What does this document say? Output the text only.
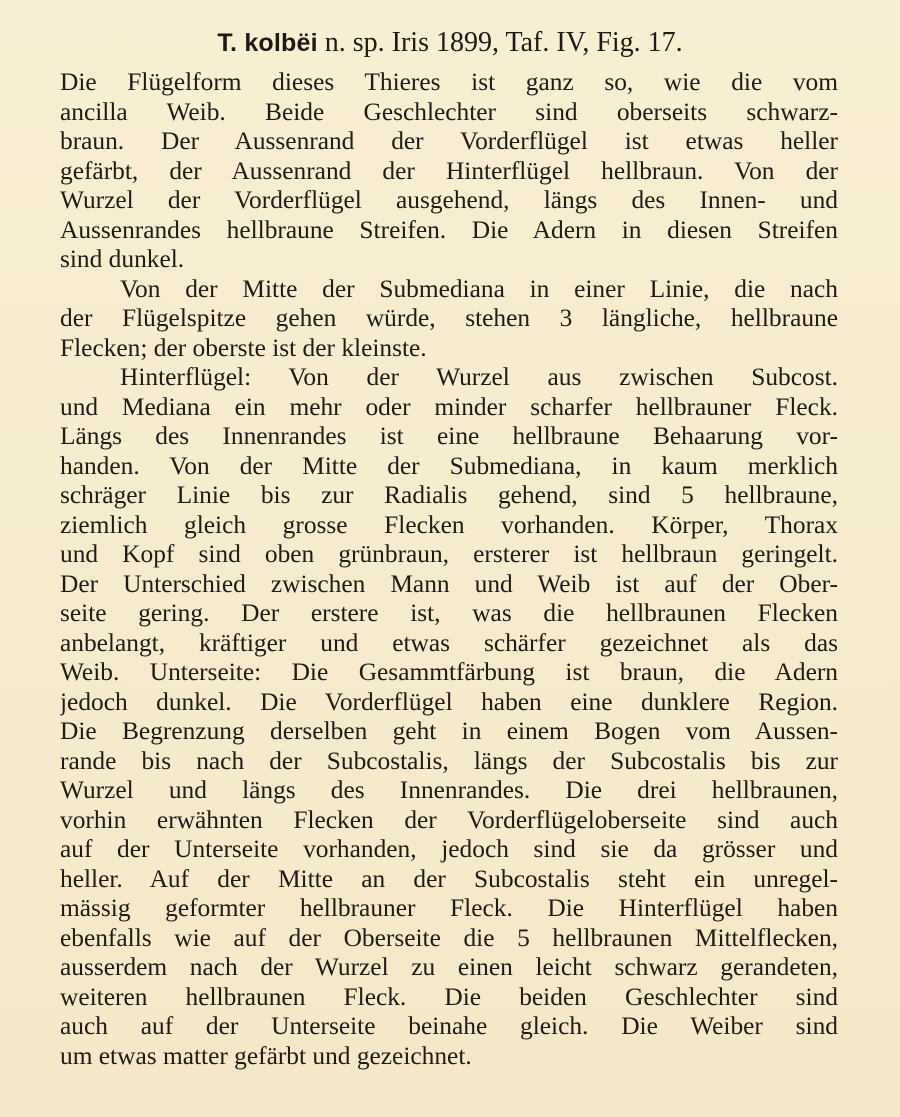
T. kolbëi n. sp. Iris 1899, Taf. IV, Fig. 17.
Die Flügelform dieses Thieres ist ganz so, wie die vom
ancilla Weib. Beide Geschlechter sind oberseits schwarz-
braun. Der Aussenrand der Vorderflügel ist etwas heller
gefärbt, der Aussenrand der Hinterflügel hellbraun. Von der
Wurzel der Vorderflügel ausgehend, längs des Innen- und
Aussenrandes hellbraune Streifen. Die Adern in diesen Streifen
sind dunkel.
Von der Mitte der Submediana in einer Linie, die nach
der Flügelspitze gehen würde, stehen 3 längliche, hellbraune
Flecken; der oberste ist der kleinste.
Hinterflügel: Von der Wurzel aus zwischen Subcost.
und Mediana ein mehr oder minder scharfer hellbrauner Fleck.
Längs des Innenrandes ist eine hellbraune Behaarung vor-
handen. Von der Mitte der Submediana, in kaum merklich
schräger Linie bis zur Radialis gehend, sind 5 hellbraune,
ziemlich gleich grosse Flecken vorhanden. Körper, Thorax
und Kopf sind oben grünbraun, ersterer ist hellbraun geringelt.
Der Unterschied zwischen Mann und Weib ist auf der Ober-
seite gering. Der erstere ist, was die hellbraunen Flecken
anbelangt, kräftiger und etwas schärfer gezeichnet als das
Weib. Unterseite: Die Gesammtfärbung ist braun, die Adern
jedoch dunkel. Die Vorderflügel haben eine dunklere Region.
Die Begrenzung derselben geht in einem Bogen vom Aussen-
rande bis nach der Subcostalis, längs der Subcostalis bis zur
Wurzel und längs des Innenrandes. Die drei hellbraunen,
vorhin erwähnten Flecken der Vorderflügeloberseite sind auch
auf der Unterseite vorhanden, jedoch sind sie da grösser und
heller. Auf der Mitte an der Subcostalis steht ein unregel-
mässig geformter hellbrauner Fleck. Die Hinterflügel haben
ebenfalls wie auf der Oberseite die 5 hellbraunen Mittelflecken,
ausserdem nach der Wurzel zu einen leicht schwarz gerandeten,
weiteren hellbraunen Fleck. Die beiden Geschlechter sind
auch auf der Unterseite beinahe gleich. Die Weiber sind
um etwas matter gefärbt und gezeichnet.
